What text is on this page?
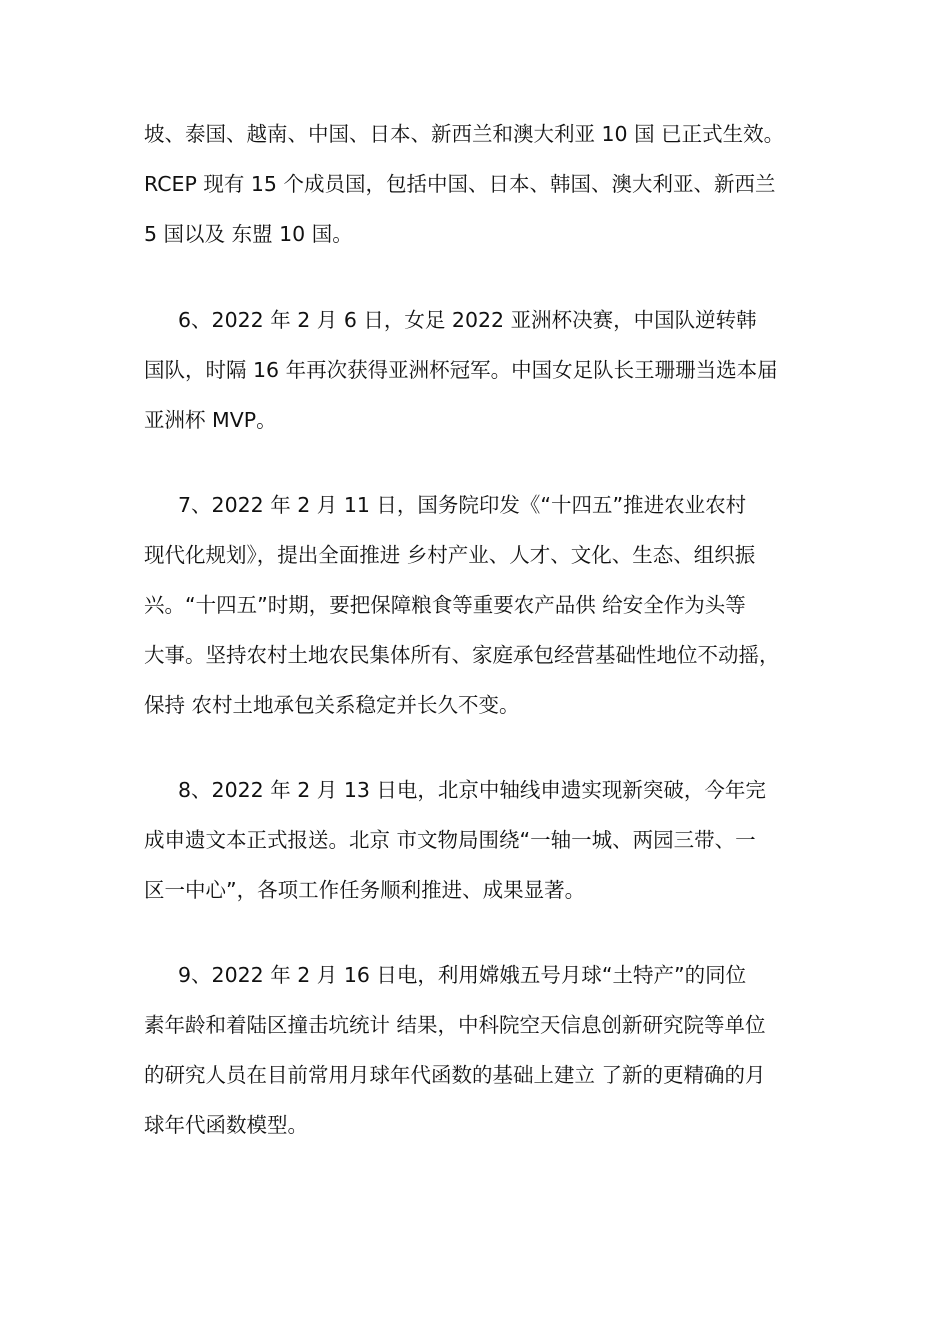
坡、泰国、越南、中国、日本、新西兰和澳大利亚 10 国 已正式生效。
RCEP 现有 15 个成员国，包括中国、日本、韩国、澳大利亚、新西兰
5 国以及 东盟 10 国。
6、2022 年 2 月 6 日，女足 2022 亚洲杯决赛，中国队逆转韩
国队，时隔 16 年再次获得亚洲杯冠军。中国女足队长王珊珊当选本届
亚洲杯 MVP。
7、2022 年 2 月 11 日，国务院印发《“十四五”推进农业农村
现代化规划》，提出全面推进 乡村产业、人才、文化、生态、组织振
兴。“十四五”时期，要把保障粮食等重要农产品供 给安全作为头等
大事。坚持农村土地农民集体所有、家庭承包经营基础性地位不动摇，
保持 农村土地承包关系稳定并长久不变。
8、2022 年 2 月 13 日电，北京中轴线申遗实现新突破，今年完
成申遗文本正式报送。北京 市文物局围绕“一轴一城、两园三带、一
区一中心”，各项工作任务顺利推进、成果显著。
9、2022 年 2 月 16 日电，利用嫦娥五号月球“土特产”的同位
素年龄和着陆区撞击坑统计 结果，中科院空天信息创新研究院等单位
的研究人员在目前常用月球年代函数的基础上建立 了新的更精确的月
球年代函数模型。
